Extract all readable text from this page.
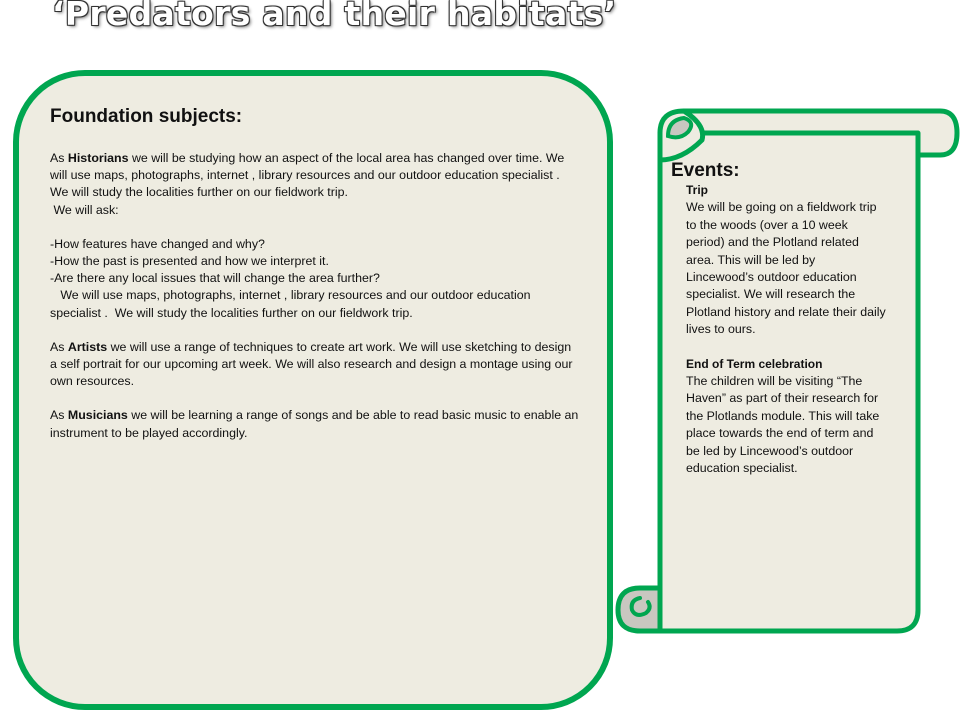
‘Predators and their habitats’
Foundation subjects:

As Historians we will be studying how an aspect of the local area has changed over time. We will use maps, photographs, internet , library resources and our outdoor education specialist . We will study the localities further on our fieldwork trip.

We will ask:

-How features have changed and why?

-How the past is presented and how we interpret it.

-Are there any local issues that will change the area further?

We will use maps, photographs, internet , library resources and our outdoor education specialist .  We will study the localities further on our fieldwork trip.

As Artists we will use a range of techniques to create art work. We will use sketching to design a self portrait for our upcoming art week. We will also research and design a montage using our own resources.

As Musicians we will be learning a range of songs and be able to read basic music to enable an instrument to be played accordingly.

Events:
Trip
We will be going on a fieldwork trip to the woods (over a 10 week period) and the Plotland related area. This will be led by Lincewood’s outdoor education specialist. We will research the Plotland history and relate their daily lives to ours.
End of Term celebration
The children will be visiting “The Haven” as part of their research for the Plotlands module. This will take place towards the end of term and be led by Lincewood’s outdoor education specialist.
